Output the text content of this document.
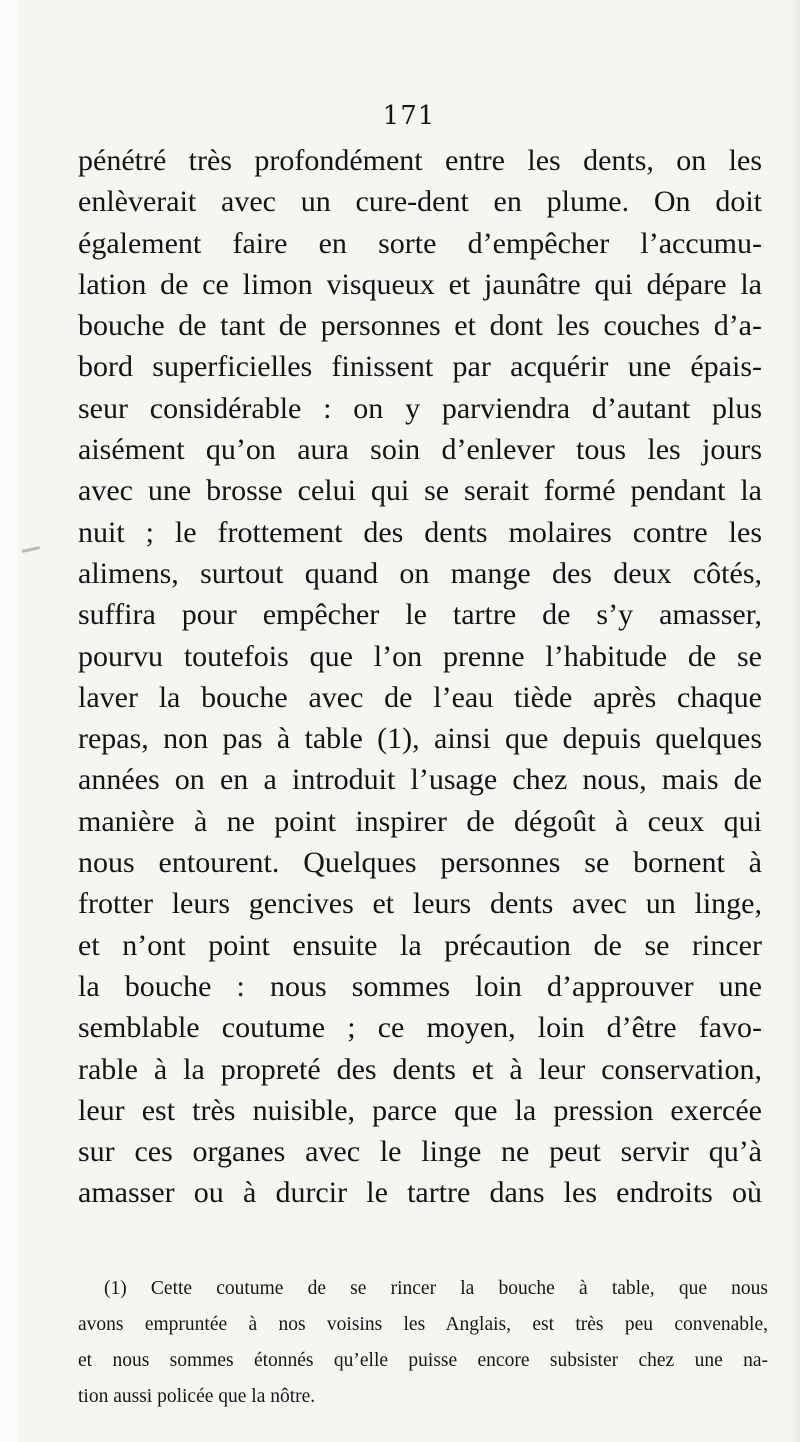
171
pénétré très profondément entre les dents, on les
enlèverait avec un cure-dent en plume. On doit
également faire en sorte d’empêcher l’accumu-
lation de ce limon visqueux et jaunâtre qui dépare la
bouche de tant de personnes et dont les couches d’a-
bord superficielles finissent par acquérir une épais-
seur considérable : on y parviendra d’autant plus
aisément qu’on aura soin d’enlever tous les jours
avec une brosse celui qui se serait formé pendant la
nuit ; le frottement des dents molaires contre les
alimens, surtout quand on mange des deux côtés,
suffira pour empêcher le tartre de s’y amasser,
pourvu toutefois que l’on prenne l’habitude de se
laver la bouche avec de l’eau tiède après chaque
repas, non pas à table (1), ainsi que depuis quelques
années on en a introduit l’usage chez nous, mais de
manière à ne point inspirer de dégoût à ceux qui
nous entourent. Quelques personnes se bornent à
frotter leurs gencives et leurs dents avec un linge,
et n’ont point ensuite la précaution de se rincer
la bouche : nous sommes loin d’approuver une
semblable coutume ; ce moyen, loin d’être favo-
rable à la propreté des dents et à leur conservation,
leur est très nuisible, parce que la pression exercée
sur ces organes avec le linge ne peut servir qu’à
amasser ou à durcir le tartre dans les endroits où
(1) Cette coutume de se rincer la bouche à table, que nous
avons empruntée à nos voisins les Anglais, est très peu convenable,
et nous sommes étonnés qu’elle puisse encore subsister chez une na-
tion aussi policée que la nôtre.
